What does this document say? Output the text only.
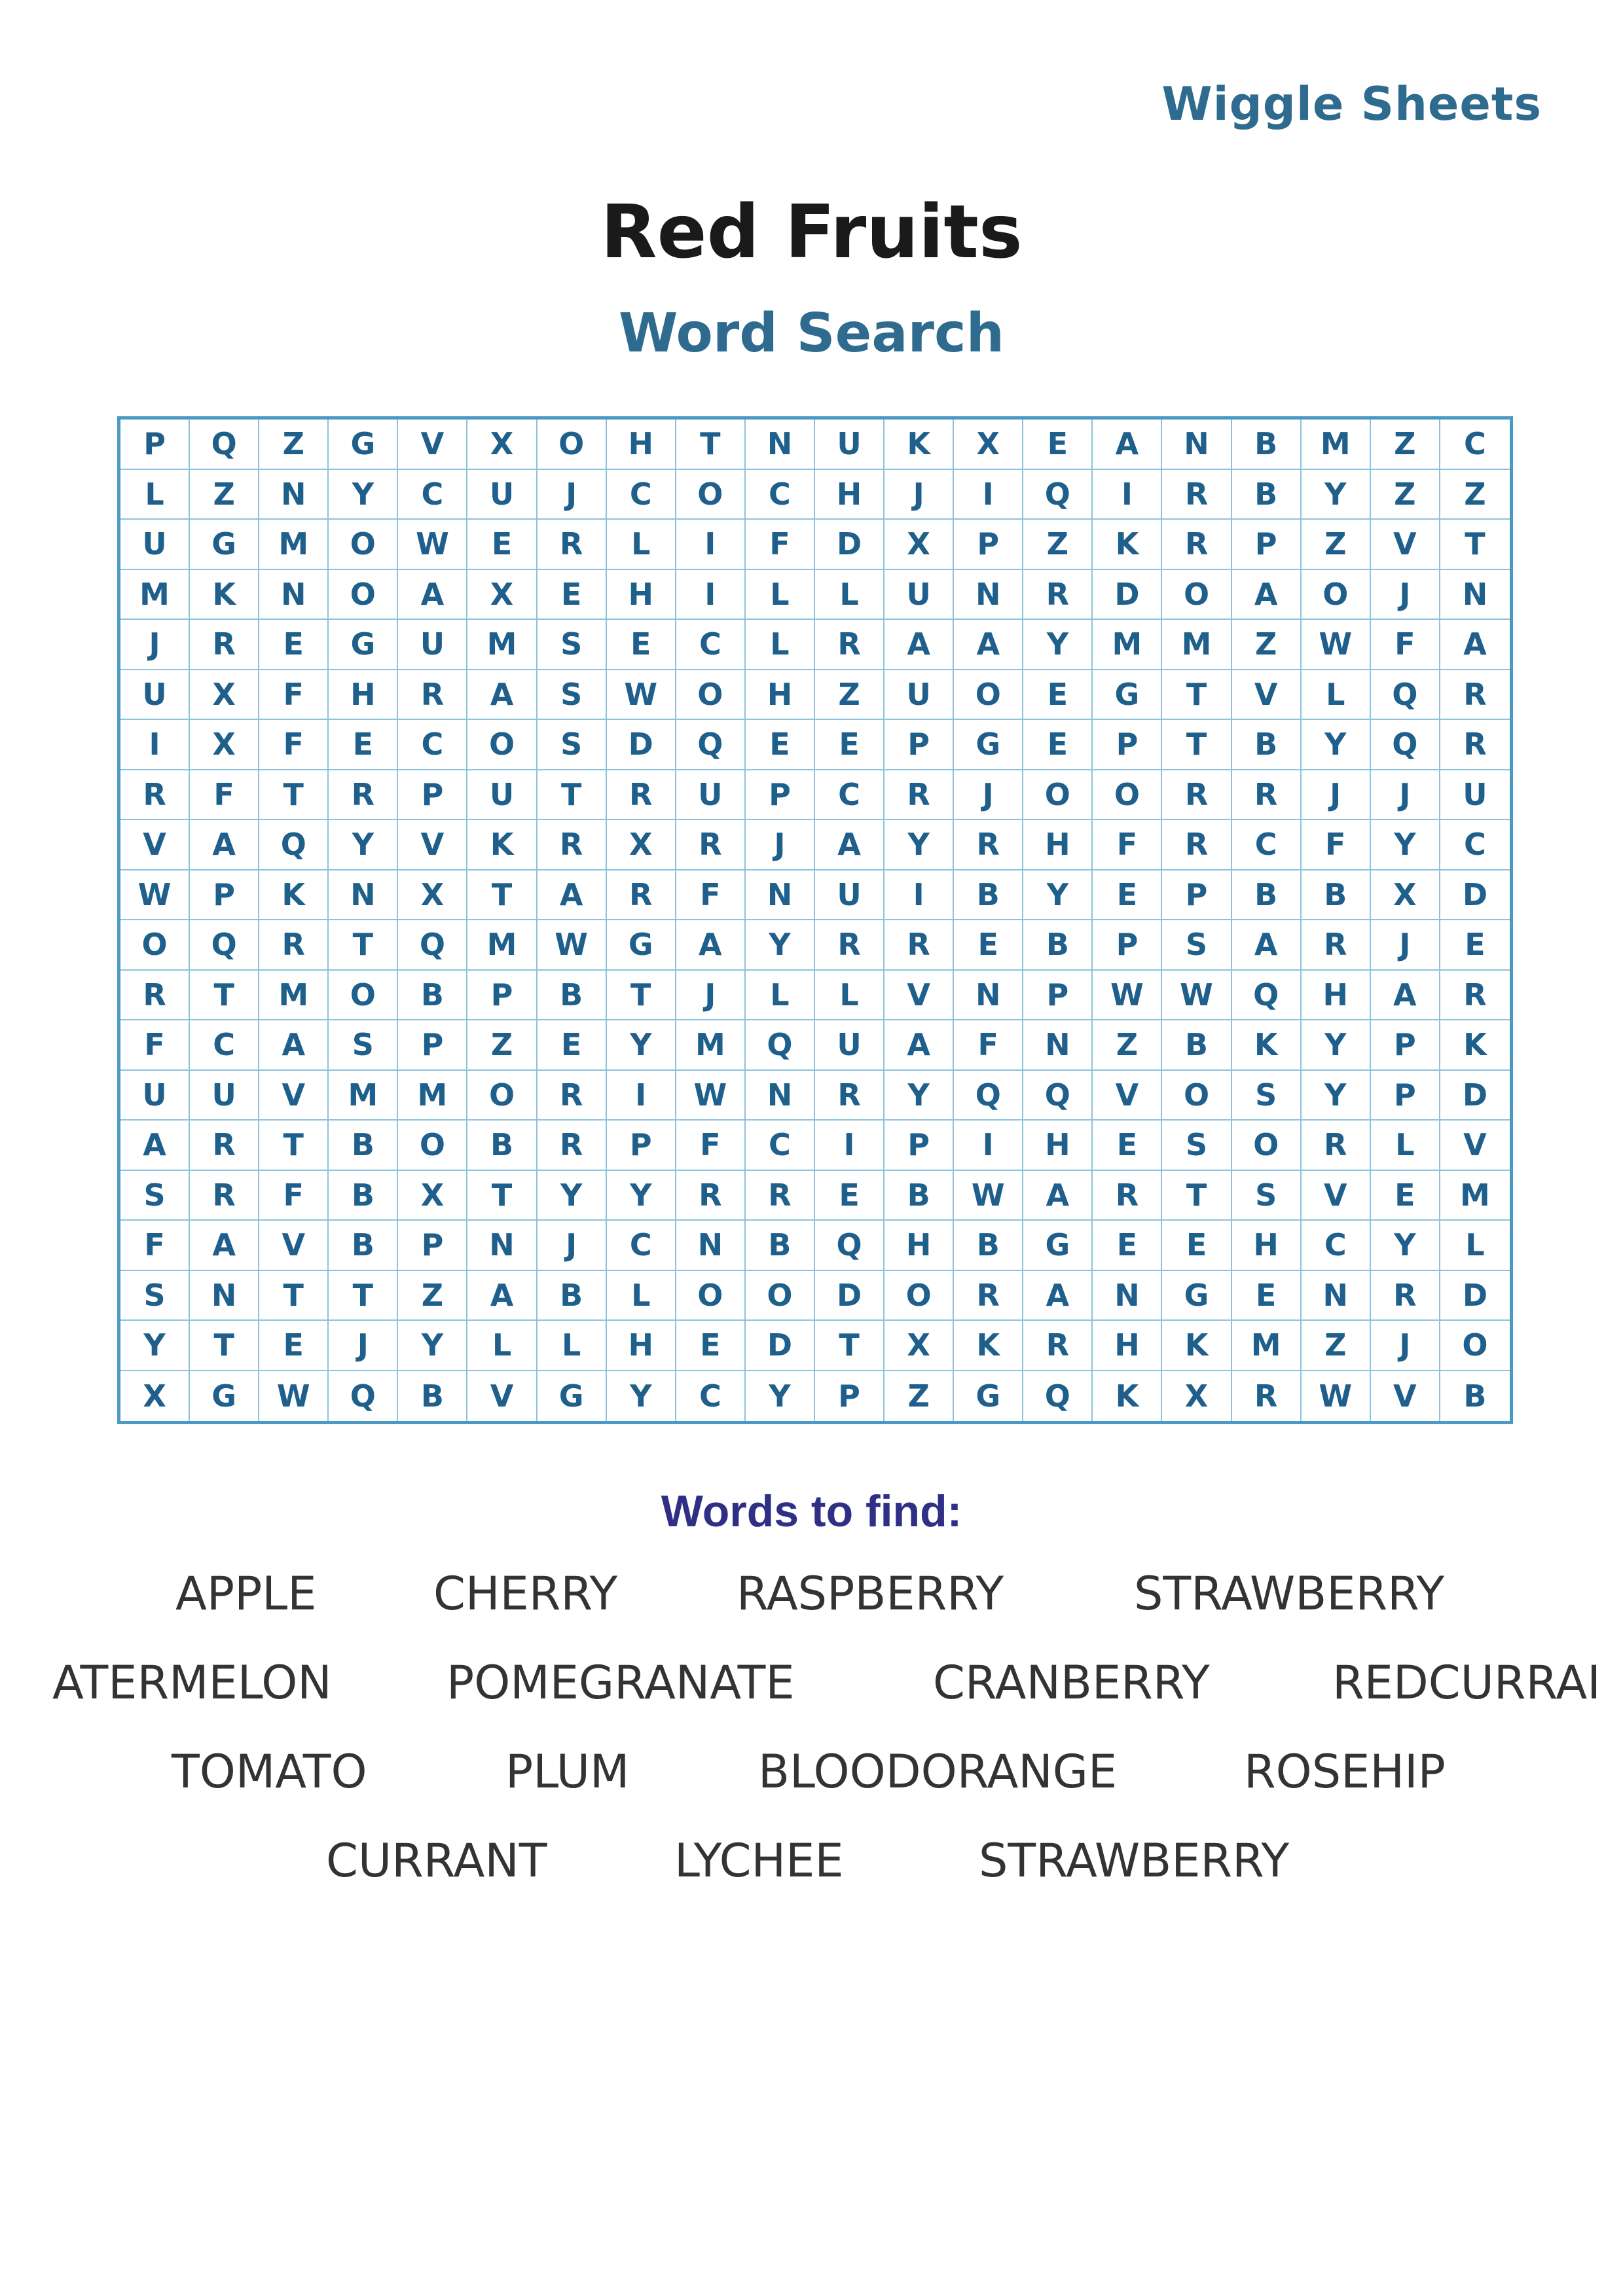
Wiggle Sheets
Red Fruits
Word Search
P	Q	Z	G	V	X	O	H	T	N	U	K	X	E	A	N	B	M	Z	C
L	Z	N	Y	C	U	J	C	O	C	H	J	I	Q	I	R	B	Y	Z	Z
U	G	M	O	W	E	R	L	I	F	D	X	P	Z	K	R	P	Z	V	T
M	K	N	O	A	X	E	H	I	L	L	U	N	R	D	O	A	O	J	N
J	R	E	G	U	M	S	E	C	L	R	A	A	Y	M	M	Z	W	F	A
U	X	F	H	R	A	S	W	O	H	Z	U	O	E	G	T	V	L	Q	R
I	X	F	E	C	O	S	D	Q	E	E	P	G	E	P	T	B	Y	Q	R
R	F	T	R	P	U	T	R	U	P	C	R	J	O	O	R	R	J	J	U
V	A	Q	Y	V	K	R	X	R	J	A	Y	R	H	F	R	C	F	Y	C
W	P	K	N	X	T	A	R	F	N	U	I	B	Y	E	P	B	B	X	D
O	Q	R	T	Q	M	W	G	A	Y	R	R	E	B	P	S	A	R	J	E
R	T	M	O	B	P	B	T	J	L	L	V	N	P	W	W	Q	H	A	R
F	C	A	S	P	Z	E	Y	M	Q	U	A	F	N	Z	B	K	Y	P	K
U	U	V	M	M	O	R	I	W	N	R	Y	Q	Q	V	O	S	Y	P	D
A	R	T	B	O	B	R	P	F	C	I	P	I	H	E	S	O	R	L	V
S	R	F	B	X	T	Y	Y	R	R	E	B	W	A	R	T	S	V	E	M
F	A	V	B	P	N	J	C	N	B	Q	H	B	G	E	E	H	C	Y	L
S	N	T	T	Z	A	B	L	O	O	D	O	R	A	N	G	E	N	R	D
Y	T	E	J	Y	L	L	H	E	D	T	X	K	R	H	K	M	Z	J	O
X	G	W	Q	B	V	G	Y	C	Y	P	Z	G	Q	K	X	R	W	V	B
Words to find:
APPLE	CHERRY	RASPBERRY	STRAWBERRY
ATERMELON	POMEGRANATE	CRANBERRY	REDCURRAI
TOMATO	PLUM	BLOODORANGE	ROSEHIP
CURRANT	LYCHEE	STRAWBERRY
